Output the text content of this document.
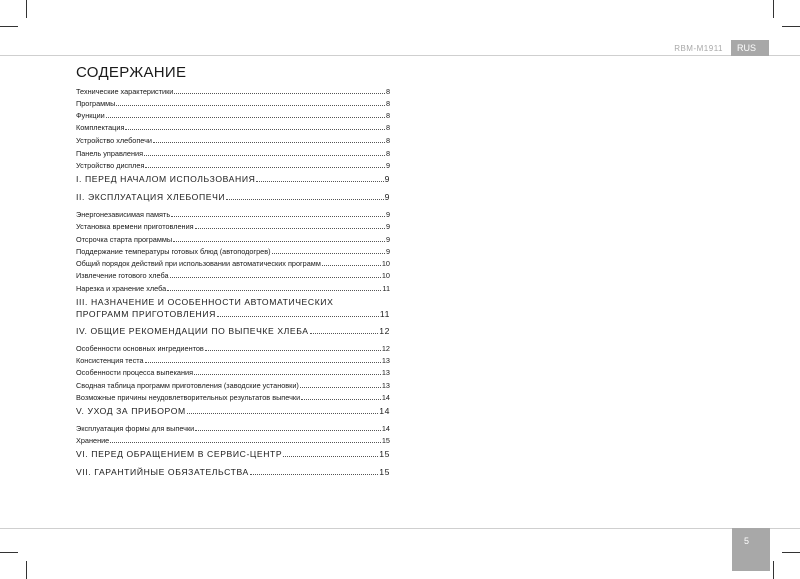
RBM-M1911	RUS
5
СОДЕРЖАНИЕ
Технические характеристики	8
Программы	8
Функции	8
Комплектация	8
Устройство хлебопечи	8
Панель управления	8
Устройство дисплея	9
I. ПЕРЕД НАЧАЛОМ ИСПОЛЬЗОВАНИЯ	9
II. ЭКСПЛУАТАЦИЯ ХЛЕБОПЕЧИ	9
Энергонезависимая память	9
Установка времени приготовления	9
Отсрочка старта программы	9
Поддержание температуры готовых блюд (автоподогрев)	9
Общий порядок действий при использовании автоматических программ	10
Извлечение готового хлеба	10
Нарезка и хранение хлеба	11
III. НАЗНАЧЕНИЕ И ОСОБЕННОСТИ АВТОМАТИЧЕСКИХ
ПРОГРАММ ПРИГОТОВЛЕНИЯ	11
IV. ОБЩИЕ РЕКОМЕНДАЦИИ ПО ВЫПЕЧКЕ ХЛЕБА	12
Особенности основных ингредиентов	12
Консистенция теста	13
Особенности процесса выпекания	13
Сводная таблица программ приготовления (заводские установки)	13
Возможные причины неудовлетворительных результатов выпечки	14
V. УХОД ЗА ПРИБОРОМ	14
Эксплуатация формы для выпечки	14
Хранение	15
VI. ПЕРЕД ОБРАЩЕНИЕМ В СЕРВИС-ЦЕНТР	15
VII. ГАРАНТИЙНЫЕ ОБЯЗАТЕЛЬСТВА	15
